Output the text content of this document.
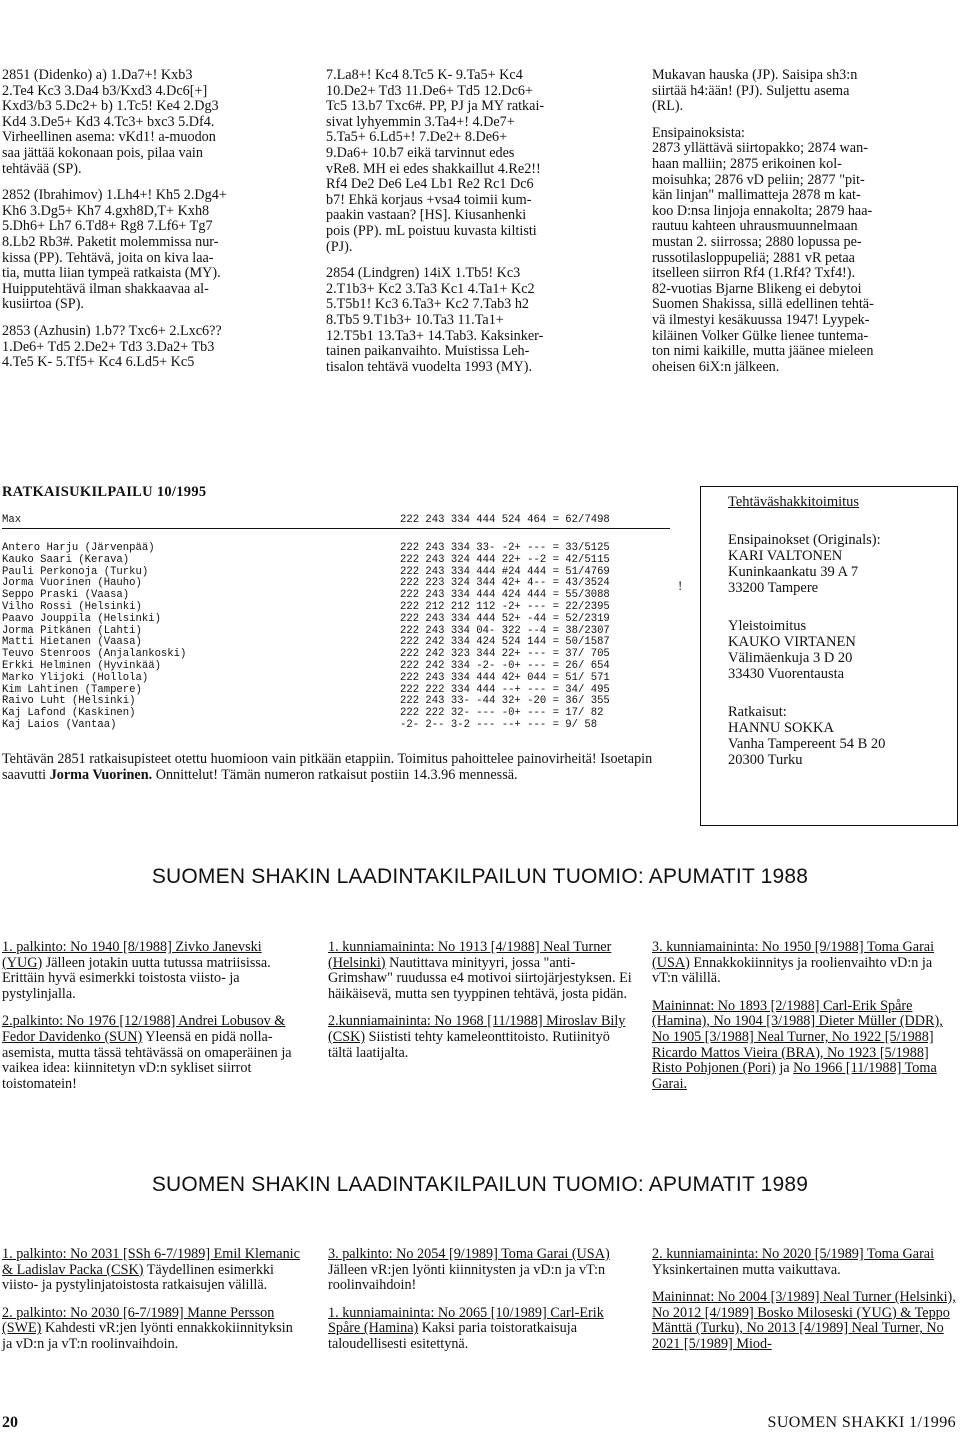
2851 (Didenko) a) 1.Da7+! Kxb3
2.Te4 Kc3 3.Da4 b3/Kxd3 4.Dc6[+]
Kxd3/b3 5.Dc2+ b) 1.Tc5! Ke4 2.Dg3
Kd4 3.De5+ Kd3 4.Tc3+ bxc3 5.Df4.
Virheellinen asema: vKd1! a-muodon
saa jättää kokonaan pois, pilaa vain
tehtävää (SP).
2852 (Ibrahimov) 1.Lh4+! Kh5 2.Dg4+
Kh6 3.Dg5+ Kh7 4.gxh8D,T+ Kxh8
5.Dh6+ Lh7 6.Td8+ Rg8 7.Lf6+ Tg7
8.Lb2 Rb3#. Paketit molemmissa nur-
kissa (PP). Tehtävä, joita on kiva laa-
tia, mutta liian tympeä ratkaista (MY).
Huipputehtävä ilman shakkaavaa al-
kusiirtoa (SP).
2853 (Azhusin) 1.b7? Txc6+ 2.Lxc6??
1.De6+ Td5 2.De2+ Td3 3.Da2+ Tb3
4.Te5 K- 5.Tf5+ Kc4 6.Ld5+ Kc5
7.La8+! Kc4 8.Tc5 K- 9.Ta5+ Kc4
10.De2+ Td3 11.De6+ Td5 12.Dc6+
Tc5 13.b7 Txc6#. PP, PJ ja MY ratkai-
sivat lyhyemmin 3.Ta4+! 4.De7+
5.Ta5+ 6.Ld5+! 7.De2+ 8.De6+
9.Da6+ 10.b7 eikä tarvinnut edes
vRe8. MH ei edes shakkaillut 4.Re2!!
Rf4 De2 De6 Le4 Lb1 Re2 Rc1 Dc6
b7! Ehkä korjaus +vsa4 toimii kum-
paakin vastaan? [HS]. Kiusanhenki
pois (PP). mL poistuu kuvasta kiltisti
(PJ).
2854 (Lindgren) 14iX 1.Tb5! Kc3
2.T1b3+ Kc2 3.Ta3 Kc1 4.Ta1+ Kc2
5.T5b1! Kc3 6.Ta3+ Kc2 7.Tab3 h2
8.Tb5 9.T1b3+ 10.Ta3 11.Ta1+
12.T5b1 13.Ta3+ 14.Tab3. Kaksinker-
tainen paikanvaihto. Muistissa Leh-
tisalon tehtävä vuodelta 1993 (MY).
Mukavan hauska (JP). Saisipa sh3:n
siirtää h4:ään! (PJ). Suljettu asema
(RL).
Ensipainoksista:
2873 yllättävä siirtopakko; 2874 wan-
haan malliin; 2875 erikoinen kol-
moisuhka; 2876 vD peliin; 2877 "pit-
kän linjan" mallimatteja 2878 m kat-
koo D:nsa linjoja ennakolta; 2879 haa-
rautuu kahteen uhrausmuunnelmaan
mustan 2. siirrossa; 2880 lopussa pe-
russotilasloppupeliä; 2881 vR petaa
itselleen siirron Rf4 (1.Rf4? Txf4!).
82-vuotias Bjarne Blikeng ei debytoi
Suomen Shakissa, sillä edellinen tehtä-
vä ilmestyi kesäkuussa 1947! Lyypek-
kiläinen Volker Gülke lienee tuntema-
ton nimi kaikille, mutta jäänee mieleen
oheisen 6iX:n jälkeen.
RATKAISUKILPAILU 10/1995
Max	222 243 334 444 524 464 = 62/7498
Antero Harju (Järvenpää)
Kauko Saari (Kerava)
Pauli Perkonoja (Turku)
Jorma Vuorinen (Hauho)
Seppo Praski (Vaasa)
Vilho Rossi (Helsinki)
Paavo Jouppila (Helsinki)
Jorma Pitkänen (Lahti)
Matti Hietanen (Vaasa)
Teuvo Stenroos (Anjalankoski)
Erkki Helminen (Hyvinkää)
Marko Ylijoki (Hollola)
Kim Lahtinen (Tampere)
Raivo Luht (Helsinki)
Kaj Lafond (Kaskinen)
Kaj Laios (Vantaa)
222 243 334 33- -2+ --- = 33/5125
222 243 324 444 22+ --2 = 42/5115
222 243 334 444 #24 444 = 51/4769
222 223 324 344 42+ 4-- = 43/3524
222 243 334 444 424 444 = 55/3088
222 212 212 112 -2+ --- = 22/2395
222 243 334 444 52+ -44 = 52/2319
222 243 334 04- 322 --4 = 38/2307
222 242 334 424 524 144 = 50/1587
222 242 323 344 22+ --- = 37/ 705
222 242 334 -2- -0+ --- = 26/ 654
222 243 334 444 42+ 044 = 51/ 571
222 222 334 444 --+ --- = 34/ 495
222 243 33- -44 32+ -20 = 36/ 355
222 222 32- --- -0+ --- = 17/ 82
-2- 2-- 3-2 --- --+ --- = 9/ 58
!
Tehtävän 2851 ratkaisupisteet otettu huomioon vain pitkään etappiin. Toimitus pahoittelee painovirheitä! Isoetapin saavutti Jorma Vuorinen. Onnittelut! Tämän numeron ratkaisut postiin 14.3.96 mennessä.
Tehtäväshakkitoimitus
Ensipainokset (Originals):
KARI VALTONEN
Kuninkaankatu 39 A 7
33200 Tampere
Yleistoimitus
KAUKO VIRTANEN
Välimäenkuja 3 D 20
33430 Vuorentausta
Ratkaisut:
HANNU SOKKA
Vanha Tampereent 54 B 20
20300 Turku
SUOMEN SHAKIN LAADINTAKILPAILUN TUOMIO: APUMATIT 1988

1. palkinto: No 1940 [8/1988] Zivko Janevski (YUG) Jälleen jotakin uutta tutussa matriisissa. Erittäin hyvä esimerkki toistosta viisto- ja pystylinjalla.

2.palkinto: No 1976 [12/1988] Andrei Lobusov & Fedor Davidenko (SUN) Yleensä en pidä nolla-asemista, mutta tässä tehtävässä on omaperäinen ja vaikea idea: kiinnitetyn vD:n sykliset siirrot toistomatein!

1. kunniamaininta: No 1913 [4/1988] Neal Turner (Helsinki) Nautittava minityyri, jossa "anti-Grimshaw" ruudussa e4 motivoi siirtojärjestyksen. Ei häikäisevä, mutta sen tyyppinen tehtävä, josta pidän.

2.kunniamaininta: No 1968 [11/1988] Miroslav Bily (CSK) Siististi tehty kameleonttitoisto. Rutiinityö tältä laatijalta.

3. kunniamaininta: No 1950 [9/1988] Toma Garai (USA) Ennakkokiinnitys ja roolienvaihto vD:n ja vT:n välillä.

Maininnat: No 1893 [2/1988] Carl-Erik Spåre (Hamina), No 1904 [3/1988] Dieter Müller (DDR), No 1905 [3/1988] Neal Turner, No 1922 [5/1988] Ricardo Mattos Vieira (BRA), No 1923 [5/1988] Risto Pohjonen (Pori) ja No 1966 [11/1988] Toma Garai.

SUOMEN SHAKIN LAADINTAKILPAILUN TUOMIO: APUMATIT 1989

1. palkinto: No 2031 [SSh 6-7/1989] Emil Klemanic & Ladislav Packa (CSK) Täydellinen esimerkki viisto- ja pystylinjatoistosta ratkaisujen välillä.

2. palkinto: No 2030 [6-7/1989] Manne Persson (SWE) Kahdesti vR:jen lyönti ennakkokiinnityksin ja vD:n ja vT:n roolinvaihdoin.

3. palkinto: No 2054 [9/1989] Toma Garai (USA) Jälleen vR:jen lyönti kiinnitysten ja vD:n ja vT:n roolinvaihdoin!

1. kunniamaininta: No 2065 [10/1989] Carl-Erik Spåre (Hamina) Kaksi paria toistoratkaisuja taloudellisesti esitettynä.

2. kunniamaininta: No 2020 [5/1989] Toma Garai Yksinkertainen mutta vaikuttava.

Maininnat: No 2004 [3/1989] Neal Turner (Helsinki), No 2012 [4/1989] Bosko Miloseski (YUG) & Teppo Mänttä (Turku), No 2013 [4/1989] Neal Turner, No 2021 [5/1989] Miod-

20	SUOMEN SHAKKI 1/1996
